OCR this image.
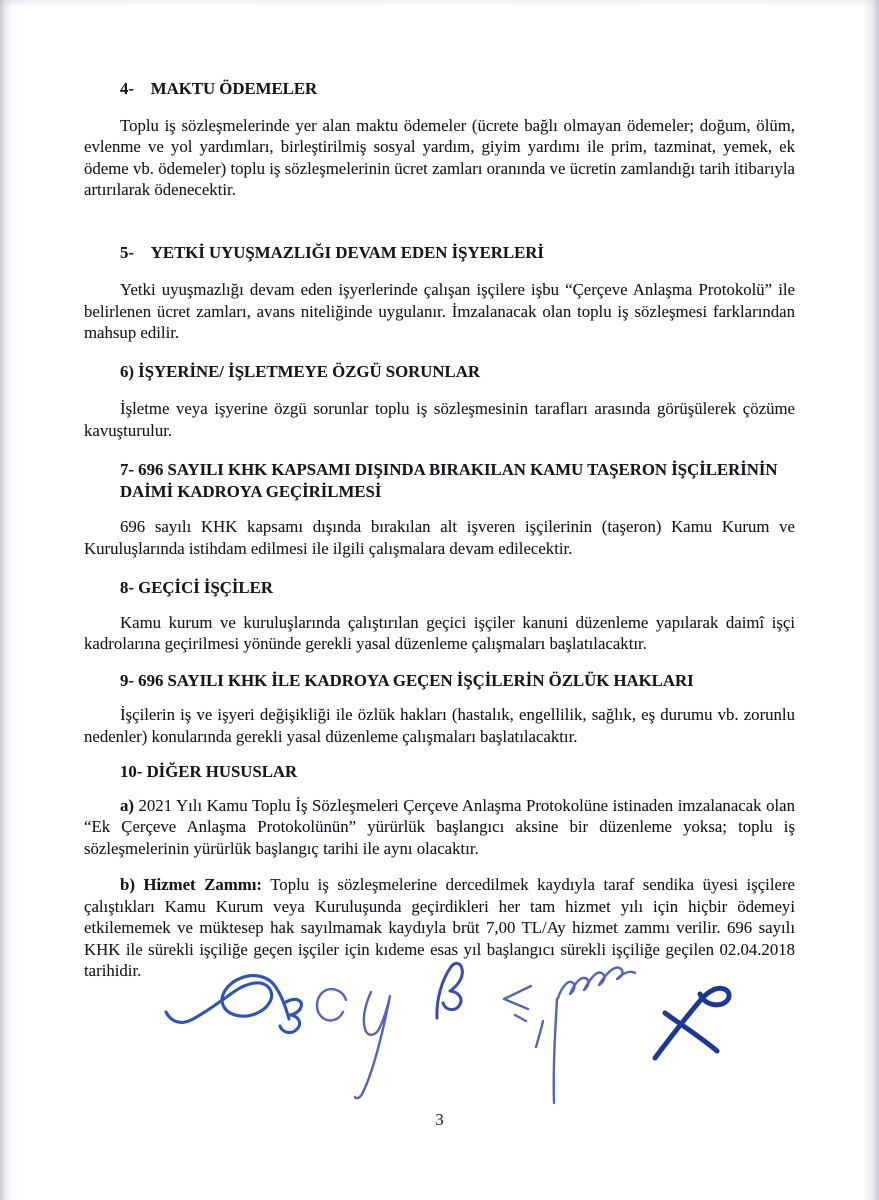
4- MAKTU ÖDEMELER

Toplu iş sözleşmelerinde yer alan maktu ödemeler (ücrete bağlı olmayan ödemeler; doğum, ölüm, evlenme ve yol yardımları, birleştirilmiş sosyal yardım, giyim yardımı ile prim, tazminat, yemek, ek ödeme vb. ödemeler) toplu iş sözleşmelerinin ücret zamları oranında ve ücretin zamlandığı tarih itibarıyla artırılarak ödenecektir.

5- YETKİ UYUŞMAZLIĞI DEVAM EDEN İŞYERLERİ

Yetki uyuşmazlığı devam eden işyerlerinde çalışan işçilere işbu “Çerçeve Anlaşma Protokolü” ile belirlenen ücret zamları, avans niteliğinde uygulanır. İmzalanacak olan toplu iş sözleşmesi farklarından mahsup edilir.

6) İŞYERİNE/ İŞLETMEYE ÖZGÜ SORUNLAR

İşletme veya işyerine özgü sorunlar toplu iş sözleşmesinin tarafları arasında görüşülerek çözüme kavuşturulur.

7- 696 SAYILI KHK KAPSAMI DIŞINDA BIRAKILAN KAMU TAŞERON İŞÇİLERİNİN DAİMİ KADROYA GEÇİRİLMESİ

696 sayılı KHK kapsamı dışında bırakılan alt işveren işçilerinin (taşeron) Kamu Kurum ve Kuruluşlarında istihdam edilmesi ile ilgili çalışmalara devam edilecektir.

8- GEÇİCİ İŞÇİLER

Kamu kurum ve kuruluşlarında çalıştırılan geçici işçiler kanuni düzenleme yapılarak daimî işçi kadrolarına geçirilmesi yönünde gerekli yasal düzenleme çalışmaları başlatılacaktır.

9- 696 SAYILI KHK İLE KADROYA GEÇEN İŞÇİLERİN ÖZLÜK HAKLARI

İşçilerin iş ve işyeri değişikliği ile özlük hakları (hastalık, engellilik, sağlık, eş durumu vb. zorunlu nedenler) konularında gerekli yasal düzenleme çalışmaları başlatılacaktır.

10- DİĞER HUSUSLAR

a) 2021 Yılı Kamu Toplu İş Sözleşmeleri Çerçeve Anlaşma Protokolüne istinaden imzalanacak olan “Ek Çerçeve Anlaşma Protokolünün” yürürlük başlangıcı aksine bir düzenleme yoksa; toplu iş sözleşmelerinin yürürlük başlangıç tarihi ile aynı olacaktır.

b) Hizmet Zammı: Toplu iş sözleşmelerine dercedilmek kaydıyla taraf sendika üyesi işçilere çalıştıkları Kamu Kurum veya Kuruluşunda geçirdikleri her tam hizmet yılı için hiçbir ödemeyi etkilememek ve müktesep hak sayılmamak kaydıyla brüt 7,00 TL/Ay hizmet zammı verilir. 696 sayılı KHK ile sürekli işçiliğe geçen işçiler için kıdeme esas yıl başlangıcı sürekli işçiliğe geçilen 02.04.2018 tarihidir.

3
